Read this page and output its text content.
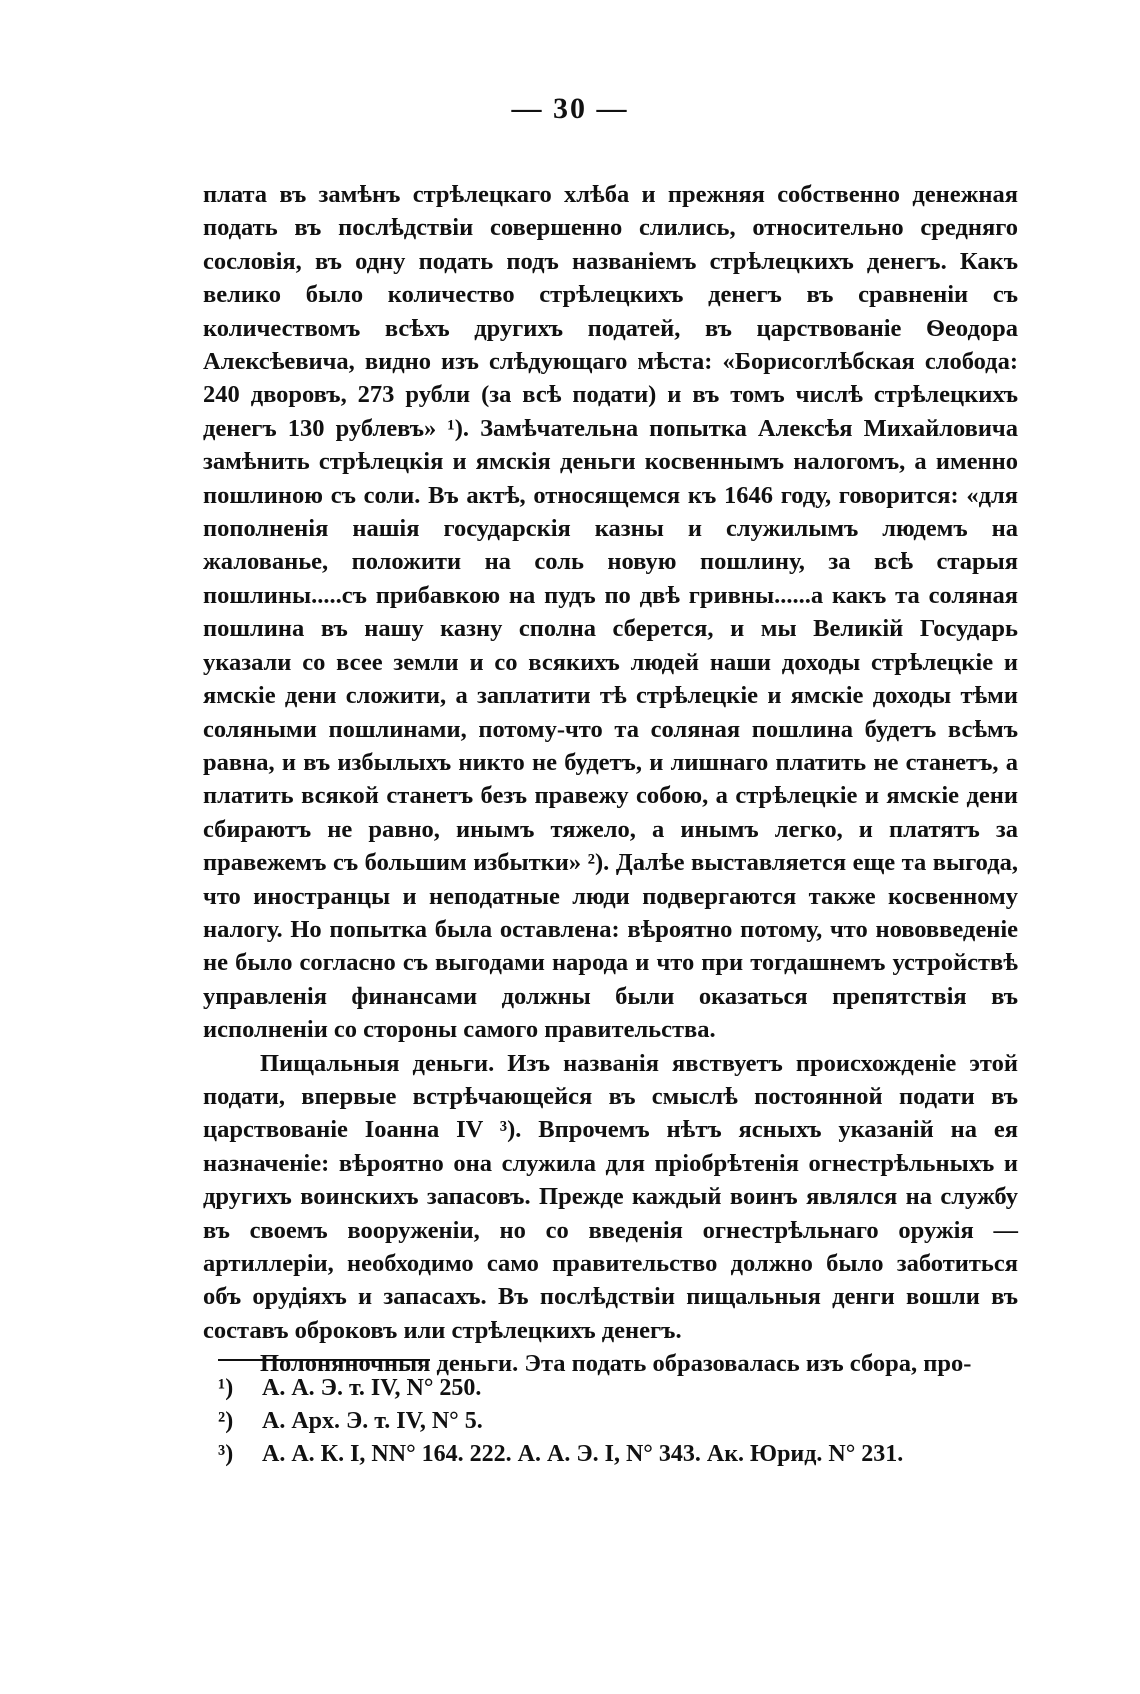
— 30 —

плата въ замѣнъ стрѣлецкаго хлѣба и прежняя собственно денежная подать въ послѣдствіи совершенно слились, относительно средняго сословія, въ одну подать подъ названіемъ стрѣлецкихъ денегъ. Какъ велико было количество стрѣлецкихъ денегъ въ сравненіи съ количествомъ всѣхъ другихъ податей, въ царствованіе Ѳеодора Алексѣевича, видно изъ слѣдующаго мѣста: «Борисоглѣбская слобода: 240 дворовъ, 273 рубли (за всѣ подати) и въ томъ числѣ стрѣлецкихъ денегъ 130 рублевъ» ¹). Замѣчательна попытка Алексѣя Михайловича замѣнить стрѣлецкія и ямскія деньги косвеннымъ налогомъ, а именно пошлиною съ соли. Въ актѣ, относящемся къ 1646 году, говорится: «для пополненія нашія государскія казны и служилымъ людемъ на жалованье, положити на соль новую пошлину, за всѣ старыя пошлины.....съ прибавкою на пудъ по двѣ гривны......а какъ та соляная пошлина въ нашу казну сполна сберется, и мы Великій Государь указали со всее земли и со всякихъ людей наши доходы стрѣлецкіе и ямскіе дени сложити, а заплатити тѣ стрѣлецкіе и ямскіе доходы тѣми соляными пошлинами, потому-что та соляная пошлина будетъ всѣмъ равна, и въ избылыхъ никто не будетъ, и лишнаго платить не станетъ, а платить всякой станетъ безъ правежу собою, а стрѣлецкіе и ямскіе дени сбираютъ не равно, инымъ тяжело, а инымъ легко, и платятъ за правежемъ съ большим избытки» ²). Далѣе выставляется еще та выгода, что иностранцы и неподатные люди подвергаются также косвенному налогу. Но попытка была оставлена: вѣроятно потому, что нововведеніе не было согласно съ выгодами народа и что при тогдашнемъ устройствѣ управленія финансами должны были оказаться препятствія въ исполненіи со стороны самого правительства.

Пищальныя деньги. Изъ названія явствуетъ происхожденіе этой подати, впервые встрѣчающейся въ смыслѣ постоянной подати въ царствованіе Іоанна IV ³). Впрочемъ нѣтъ ясныхъ указаній на ея назначеніе: вѣроятно она служила для пріобрѣтенія огнестрѣльныхъ и другихъ воинскихъ запасовъ. Прежде каждый воинъ являлся на службу въ своемъ вооруженіи, но со введенія огнестрѣльнаго оружія — артиллеріи, необходимо само правительство должно было заботиться объ орудіяхъ и запасахъ. Въ послѣдствіи пищальныя денги вошли въ составъ оброковъ или стрѣлецкихъ денегъ.

Полоняночныя деньги. Эта подать образовалась изъ сбора, про-

¹)	А. А. Э. т. IV, N° 250.
²)	А. Арх. Э. т. IV, N° 5.
³)	А. А. К. I, NN° 164. 222. А. А. Э. I, N° 343. Ак. Юрид. N° 231.
